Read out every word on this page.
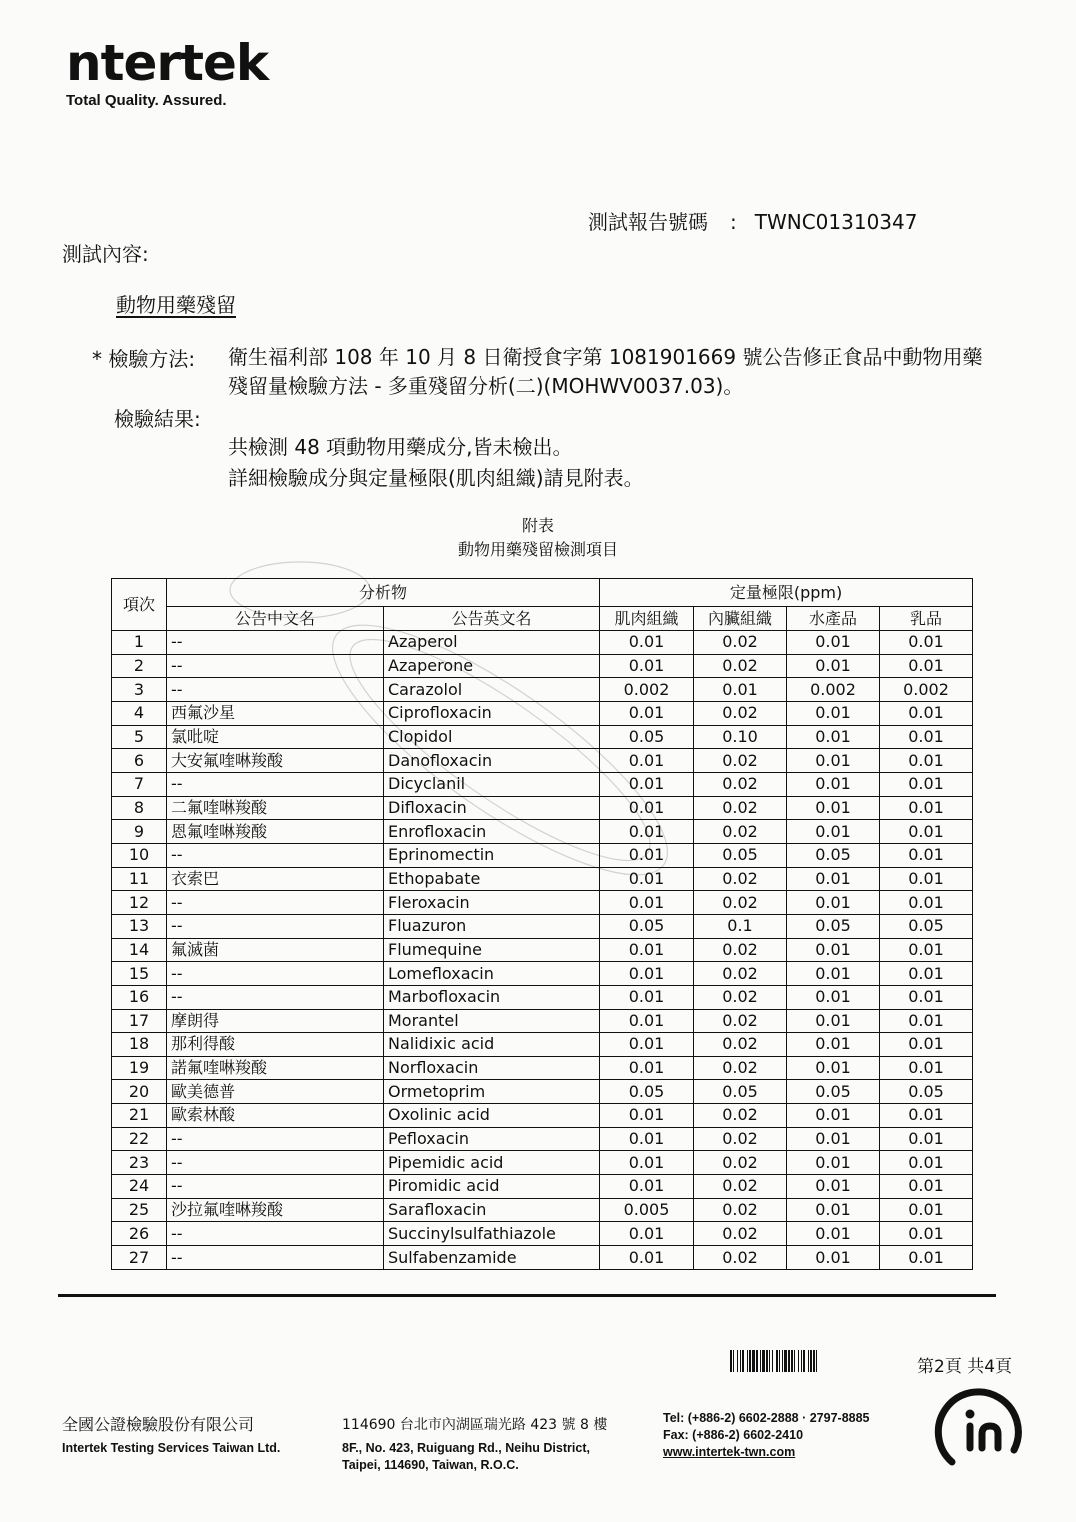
ntertek
Total Quality. Assured.
測試報告號碼 : TWNC01310347
測試內容:
動物用藥殘留
* 檢驗方法: 衛生福利部 108 年 10 月 8 日衛授食字第 1081901669 號公告修正食品中動物用藥殘留量檢驗方法 - 多重殘留分析(二)(MOHWV0037.03)。
檢驗結果:
共檢測 48 項動物用藥成分,皆未檢出。
詳細檢驗成分與定量極限(肌肉組織)請見附表。
附表
動物用藥殘留檢測項目
項次	分析物		定量極限(ppm)			
	公告中文名	公告英文名	肌肉組織	內臟組織	水產品	乳品
1	--	Azaperol	0.01	0.02	0.01	0.01
2	--	Azaperone	0.01	0.02	0.01	0.01
3	--	Carazolol	0.002	0.01	0.002	0.002
4	西氟沙星	Ciprofloxacin	0.01	0.02	0.01	0.01
5	氯吡啶	Clopidol	0.05	0.10	0.01	0.01
6	大安氟喹啉羧酸	Danofloxacin	0.01	0.02	0.01	0.01
7	--	Dicyclanil	0.01	0.02	0.01	0.01
8	二氟喹啉羧酸	Difloxacin	0.01	0.02	0.01	0.01
9	恩氟喹啉羧酸	Enrofloxacin	0.01	0.02	0.01	0.01
10	--	Eprinomectin	0.01	0.05	0.05	0.01
11	衣索巴	Ethopabate	0.01	0.02	0.01	0.01
12	--	Fleroxacin	0.01	0.02	0.01	0.01
13	--	Fluazuron	0.05	0.1	0.05	0.05
14	氟滅菌	Flumequine	0.01	0.02	0.01	0.01
15	--	Lomefloxacin	0.01	0.02	0.01	0.01
16	--	Marbofloxacin	0.01	0.02	0.01	0.01
17	摩朗得	Morantel	0.01	0.02	0.01	0.01
18	那利得酸	Nalidixic acid	0.01	0.02	0.01	0.01
19	諾氟喹啉羧酸	Norfloxacin	0.01	0.02	0.01	0.01
20	歐美德普	Ormetoprim	0.05	0.05	0.05	0.05
21	歐索林酸	Oxolinic acid	0.01	0.02	0.01	0.01
22	--	Pefloxacin	0.01	0.02	0.01	0.01
23	--	Pipemidic acid	0.01	0.02	0.01	0.01
24	--	Piromidic acid	0.01	0.02	0.01	0.01
25	沙拉氟喹啉羧酸	Sarafloxacin	0.005	0.02	0.01	0.01
26	--	Succinylsulfathiazole	0.01	0.02	0.01	0.01
27	--	Sulfabenzamide	0.01	0.02	0.01	0.01
第2頁 共4頁
全國公證檢驗股份有限公司
Intertek Testing Services Taiwan Ltd.
114690 台北市內湖區瑞光路 423 號 8 樓
8F., No. 423, Ruiguang Rd., Neihu District,
Taipei, 114690, Taiwan, R.O.C.
Tel: (+886-2) 6602-2888 · 2797-8885
Fax: (+886-2) 6602-2410
www.intertek-twn.com
